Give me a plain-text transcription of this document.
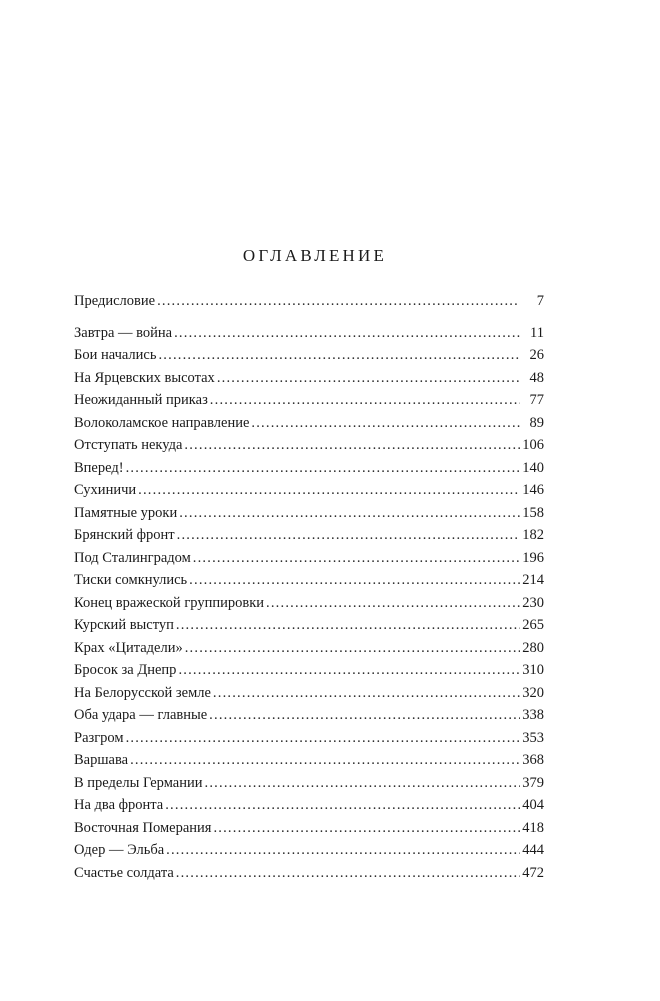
ОГЛАВЛЕНИЕ
Предисловие .....	7
Завтра — война .....	11
Бои начались .....	26
На Ярцевских высотах .....	48
Неожиданный приказ .....	77
Волоколамское направление .....	89
Отступать некуда .....	106
Вперед! .....	140
Сухиничи .....	146
Памятные уроки .....	158
Брянский фронт .....	182
Под Сталинградом .....	196
Тиски сомкнулись .....	214
Конец вражеской группировки .....	230
Курский выступ .....	265
Крах «Цитадели» .....	280
Бросок за Днепр .....	310
На Белорусской земле .....	320
Оба удара — главные .....	338
Разгром .....	353
Варшава .....	368
В пределы Германии .....	379
На два фронта .....	404
Восточная Померания .....	418
Одер — Эльба .....	444
Счастье солдата .....	472
